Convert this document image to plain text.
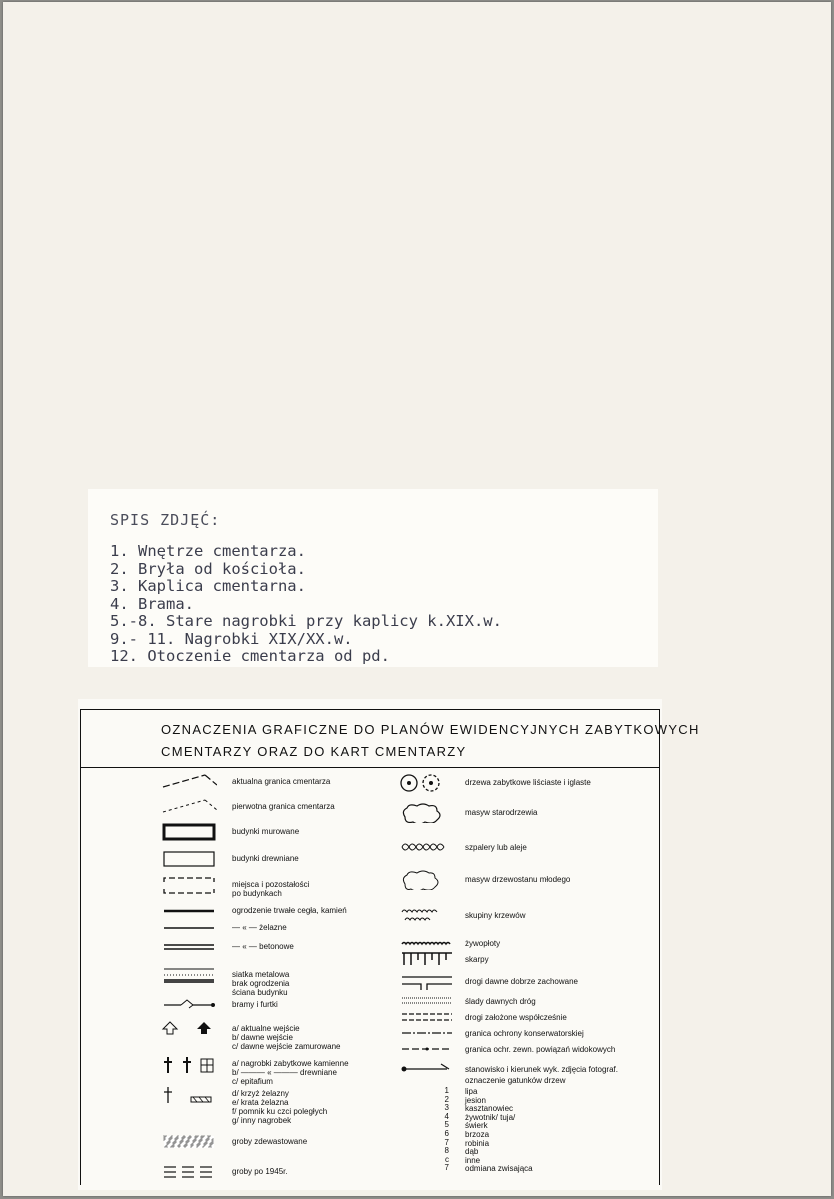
SPIS ZDJĘĆ:
1. Wnętrze cmentarza.
2. Bryła od kościoła.
3. Kaplica cmentarna.
4. Brama.
5.-8. Stare nagrobki przy kaplicy k.XIX.w.
9.- 11. Nagrobki XIX/XX.w.
12. Otoczenie cmentarza od pd.
OZNACZENIA GRAFICZNE DO PLANÓW EWIDENCYJNYCH ZABYTKOWYCH
CMENTARZY ORAZ DO KART CMENTARZY
aktualna granica cmentarza
pierwotna granica cmentarza
budynki murowane
budynki drewniane
miejsca i pozostałości
po budynkach
ogrodzenie trwałe cegła, kamień
— « — żelazne
— « — betonowe
siatka metalowa
brak ogrodzenia
ściana budynku
bramy i furtki
a/ aktualne wejście
b/ dawne wejście
c/ dawne wejście zamurowane
a/ nagrobki zabytkowe kamienne
b/ ——— « ——— drewniane
c/ epitafium
d/ krzyż żelazny
e/ krata żelazna
f/ pomnik ku czci poległych
g/ inny nagrobek
groby zdewastowane
groby po 1945r.
drzewa zabytkowe liściaste i iglaste
masyw starodrzewia
szpalery lub aleje
masyw drzewostanu młodego
skupiny krzewów
żywopłoty
skarpy
drogi dawne dobrze zachowane
ślady dawnych dróg
drogi założone współcześnie
granica ochrony konserwatorskiej
granica ochr. zewn. powiązań widokowych
stanowisko i kierunek wyk. zdjęcia fotograf.
oznaczenie gatunków drzew
1 lipa
2 jesion
3 kasztanowiec
4 żywotnik/ tuja/
5 świerk
6 brzoza
7 robinia
8 dąb
c inne
7 odmiana zwisająca
